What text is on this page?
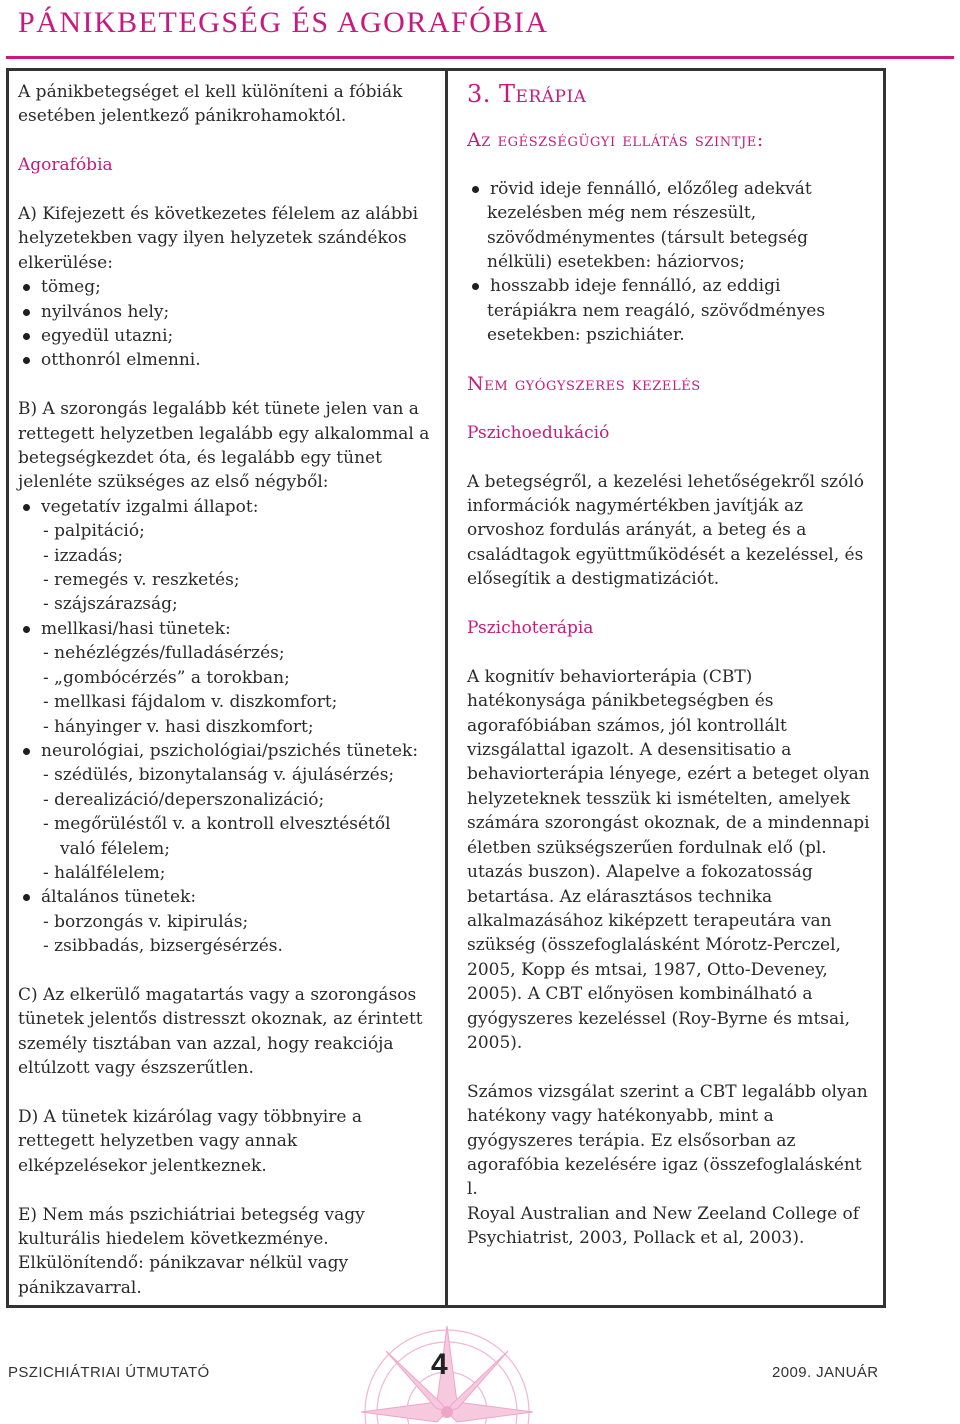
PÁNIKBETEGSÉG ÉS AGORAFÓBIA

A pánikbetegséget el kell különíteni a fóbiák

esetében jelentkező pánikrohamoktól.

Agorafóbia

A) Kifejezett és következetes félelem az alábbi

helyzetekben vagy ilyen helyzetek szándékos

elkerülése:

tömeg;

nyilvános hely;

egyedül utazni;

otthonról elmenni.

B) A szorongás legalább két tünete jelen van a

rettegett helyzetben legalább egy alkalommal a

betegségkezdet óta, és legalább egy tünet

jelenléte szükséges az első négyből:

vegetatív izgalmi állapot:

- palpitáció;

- izzadás;

- remegés v. reszketés;

- szájszárazság;

mellkasi/hasi tünetek:

- nehézlégzés/fulladásérzés;

- „gombócérzés” a torokban;

- mellkasi fájdalom v. diszkomfort;

- hányinger v. hasi diszkomfort;

neurológiai, pszichológiai/pszichés tünetek:

- szédülés, bizonytalanság v. ájulásérzés;

- derealizáció/deperszonalizáció;

- megőrüléstől v. a kontroll elvesztésétől

való félelem;

- halálfélelem;

általános tünetek:

- borzongás v. kipirulás;

- zsibbadás, bizsergésérzés.

C) Az elkerülő magatartás vagy a szorongásos

tünetek jelentős distresszt okoznak, az érintett

személy tisztában van azzal, hogy reakciója

eltúlzott vagy észszerűtlen.

D) A tünetek kizárólag vagy többnyire a

rettegett helyzetben vagy annak

elképzelésekor jelentkeznek.

E) Nem más pszichiátriai betegség vagy

kulturális hiedelem következménye.

Elkülönítendő: pánikzavar nélkül vagy

pánikzavarral.

3. Terápia

Az egészségügyi ellátás szintje:

rövid ideje fennálló, előzőleg adekvát

kezelésben még nem részesült,

szövődménymentes (társult betegség

nélküli) esetekben: háziorvos;

hosszabb ideje fennálló, az eddigi

terápiákra nem reagáló, szövődményes

esetekben: pszichiáter.

Nem gyógyszeres kezelés

Pszichoedukáció

A betegségről, a kezelési lehetőségekről szóló

információk nagymértékben javítják az

orvoshoz fordulás arányát, a beteg és a

családtagok együttműködését a kezeléssel, és

elősegítik a destigmatizációt.

Pszichoterápia

A kognitív behaviorterápia (CBT)

hatékonysága pánikbetegségben és

agorafóbiában számos, jól kontrollált

vizsgálattal igazolt. A desensitisatio a

behaviorterápia lényege, ezért a beteget olyan

helyzeteknek tesszük ki ismételten, amelyek

számára szorongást okoznak, de a mindennapi

életben szükségszerűen fordulnak elő (pl.

utazás buszon). Alapelve a fokozatosság

betartása. Az elárasztásos technika

alkalmazásához kiképzett terapeutára van

szükség (összefoglalásként Mórotz-Perczel,

2005, Kopp és mtsai, 1987, Otto-Deveney,

2005). A CBT előnyösen kombinálható a

gyógyszeres kezeléssel (Roy-Byrne és mtsai,

2005).

Számos vizsgálat szerint a CBT legalább olyan

hatékony vagy hatékonyabb, mint a

gyógyszeres terápia. Ez elsősorban az

agorafóbia kezelésére igaz (összefoglalásként l.

Royal Australian and New Zeeland College of

Psychiatrist, 2003, Pollack et al, 2003).

PSZICHIÁTRIAI ÚTMUTATÓ	4	2009. JANUÁR
